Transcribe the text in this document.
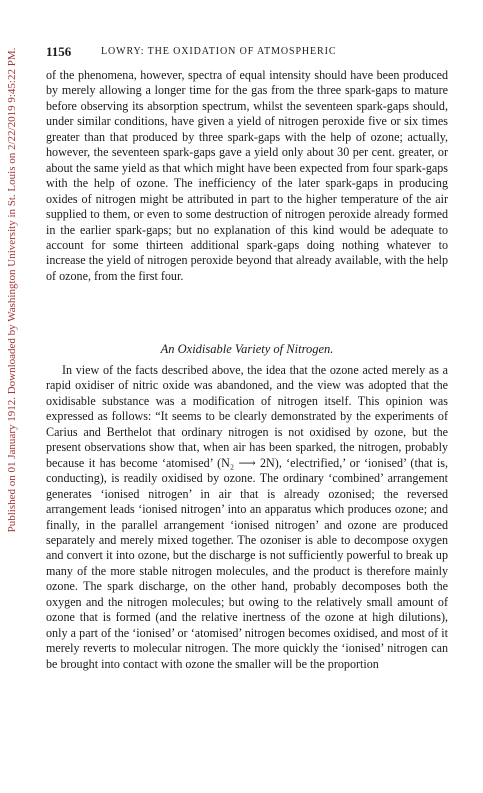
Published on 01 January 1912. Downloaded by Washington University in St. Louis on 2/22/2019 9:45:22 PM. 1156	LOWRY: THE OXIDATION OF ATMOSPHERIC

of the phenomena, however, spectra of equal intensity should have been produced by merely allowing a longer time for the gas from the three spark-gaps to mature before observing its absorption spectrum, whilst the seventeen spark-gaps should, under similar conditions, have given a yield of nitrogen peroxide five or six times greater than that produced by three spark-gaps with the help of ozone; actually, however, the seventeen spark-gaps gave a yield only about 30 per cent. greater, or about the same yield as that which might have been expected from four spark-gaps with the help of ozone. The inefficiency of the later spark-gaps in producing oxides of nitrogen might be attributed in part to the higher temperature of the air supplied to them, or even to some destruction of nitrogen peroxide already formed in the earlier spark-gaps; but no explanation of this kind would be adequate to account for some thirteen additional spark-gaps doing nothing whatever to increase the yield of nitrogen peroxide beyond that already available, with the help of ozone, from the first four.

An Oxidisable Variety of Nitrogen.

In view of the facts described above, the idea that the ozone acted merely as a rapid oxidiser of nitric oxide was abandoned, and the view was adopted that the oxidisable substance was a modification of nitrogen itself. This opinion was expressed as follows: “It seems to be clearly demonstrated by the experiments of Carius and Berthelot that ordinary nitrogen is not oxidised by ozone, but the present observations show that, when air has been sparked, the nitrogen, probably because it has become ‘atomised’ (N₂ ⟶ 2N), ‘electrified,’ or ‘ionised’ (that is, conducting), is readily oxidised by ozone. The ordinary ‘combined’ arrangement generates ‘ionised nitrogen’ in air that is already ozonised; the reversed arrangement leads ‘ionised nitrogen’ into an apparatus which produces ozone; and finally, in the parallel arrangement ‘ionised nitrogen’ and ozone are produced separately and merely mixed together. The ozoniser is able to decompose oxygen and convert it into ozone, but the discharge is not sufficiently powerful to break up many of the more stable nitrogen molecules, and the product is therefore mainly ozone. The spark discharge, on the other hand, probably decomposes both the oxygen and the nitrogen molecules; but owing to the relatively small amount of ozone that is formed (and the relative inertness of the ozone at high dilutions), only a part of the ‘ionised’ or ‘atomised’ nitrogen becomes oxidised, and most of it merely reverts to molecular nitrogen. The more quickly the ‘ionised’ nitrogen can be brought into contact with ozone the smaller will be the proportion
